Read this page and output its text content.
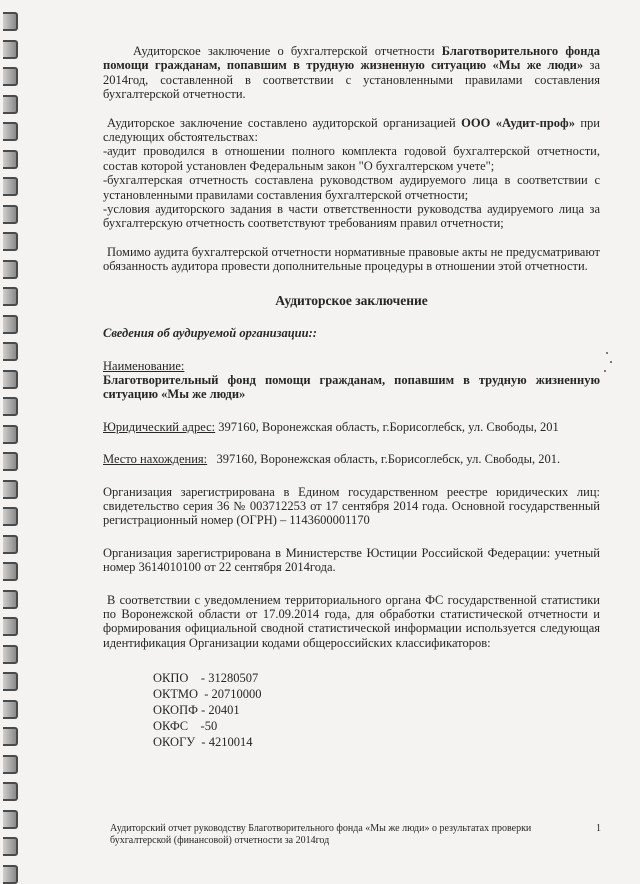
Аудиторское заключение о бухгалтерской отчетности Благотворительного фонда помощи гражданам, попавшим в трудную жизненную ситуацию «Мы же люди» за 2014год, составленной в соответствии с установленными правилами составления бухгалтерской отчетности.

Аудиторское заключение составлено аудиторской организацией ООО «Аудит-проф» при следующих обстоятельствах:
-аудит проводился в отношении полного комплекта годовой бухгалтерской отчетности, состав которой установлен Федеральным закон "О бухгалтерском учете";
-бухгалтерская отчетность составлена руководством аудируемого лица в соответствии с установленными правилами составления бухгалтерской отчетности;
-условия аудиторского задания в части ответственности руководства аудируемого лица за бухгалтерскую отчетность соответствуют требованиям правил отчетности;

Помимо аудита бухгалтерской отчетности нормативные правовые акты не предусматривают обязанность аудитора провести дополнительные процедуры в отношении этой отчетности.

Аудиторское заключение
Сведения об аудируемой организации::

Наименование:
Благотворительный фонд помощи гражданам, попавшим в трудную жизненную ситуацию «Мы же люди»

Юридический адрес: 397160, Воронежская область, г.Борисоглебск, ул. Свободы, 201

Место нахождения:   397160, Воронежская область, г.Борисоглебск, ул. Свободы, 201.

Организация зарегистрирована в Едином государственном реестре юридических лиц: свидетельство серия 36 № 003712253 от 17 сентября 2014 года. Основной государственный регистрационный номер (ОГРН) – 1143600001170

Организация зарегистрирована в Министерстве Юстиции Российской Федерации: учетный номер 3614010100 от 22 сентября 2014года.

В соответствии с уведомлением территориального органа ФС государственной статистики по Воронежской области от 17.09.2014 года, для обработки статистической отчетности и формирования официальной сводной статистической информации используется следующая идентификация Организации кодами общероссийских классификаторов:

ОКПО    - 31280507
ОКТМО  - 20710000
ОКОПФ - 20401
ОКФС    -50
ОКОГУ  - 4210014
Аудиторский отчет руководству Благотворительного фонда «Мы же люди» о результатах проверки бухгалтерской (финансовой) отчетности за 2014год
1
